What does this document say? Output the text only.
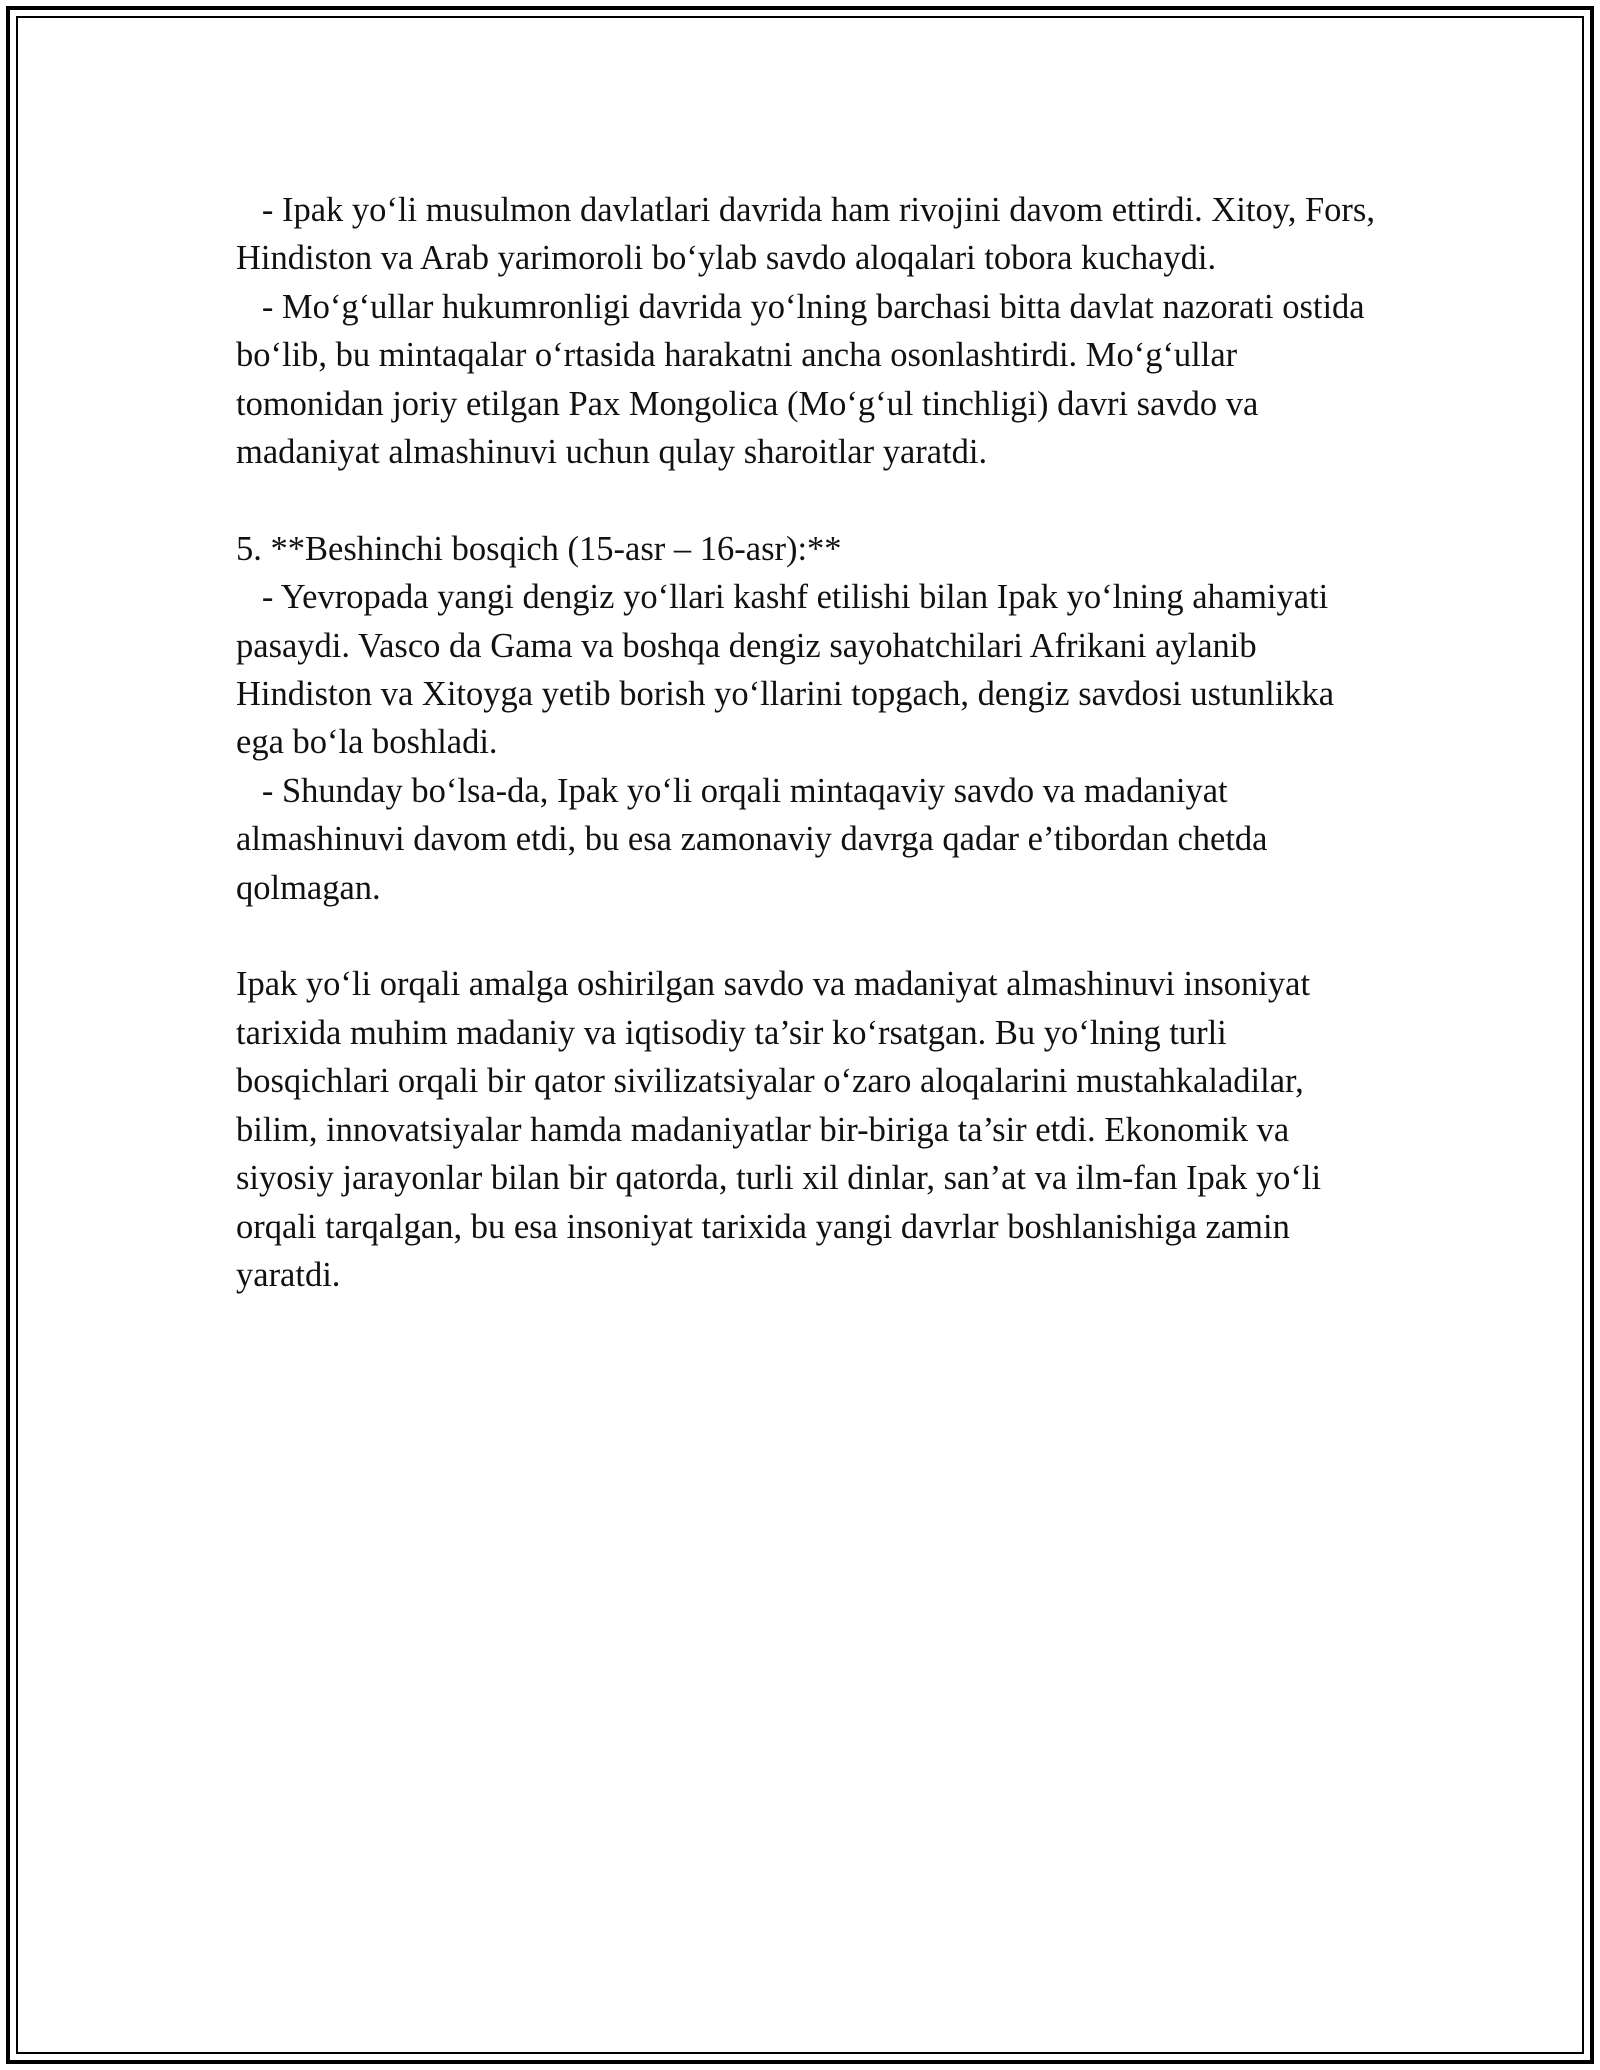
- Ipak yoʻli musulmon davlatlari davrida ham rivojini davom ettirdi. Xitoy, Fors, Hindiston va Arab yarimoroli boʻylab savdo aloqalari tobora kuchaydi.

- Moʻgʻullar hukumronligi davrida yoʻlning barchasi bitta davlat nazorati ostida boʻlib, bu mintaqalar oʻrtasida harakatni ancha osonlashtirdi. Moʻgʻullar tomonidan joriy etilgan Pax Mongolica (Moʻgʻul tinchligi) davri savdo va madaniyat almashinuvi uchun qulay sharoitlar yaratdi.

5. **Beshinchi bosqich (15-asr – 16-asr):**

- Yevropada yangi dengiz yoʻllari kashf etilishi bilan Ipak yoʻlning ahamiyati pasaydi. Vasco da Gama va boshqa dengiz sayohatchilari Afrikani aylanib Hindiston va Xitoyga yetib borish yoʻllarini topgach, dengiz savdosi ustunlikka ega boʻla boshladi.

- Shunday boʻlsa-da, Ipak yoʻli orqali mintaqaviy savdo va madaniyat almashinuvi davom etdi, bu esa zamonaviy davrga qadar e’tibordan chetda qolmagan.

Ipak yoʻli orqali amalga oshirilgan savdo va madaniyat almashinuvi insoniyat tarixida muhim madaniy va iqtisodiy ta’sir koʻrsatgan. Bu yoʻlning turli bosqichlari orqali bir qator sivilizatsiyalar oʻzaro aloqalarini mustahkaladilar, bilim, innovatsiyalar hamda madaniyatlar bir-biriga ta’sir etdi. Ekonomik va siyosiy jarayonlar bilan bir qatorda, turli xil dinlar, san’at va ilm-fan Ipak yoʻli orqali tarqalgan, bu esa insoniyat tarixida yangi davrlar boshlanishiga zamin yaratdi.
